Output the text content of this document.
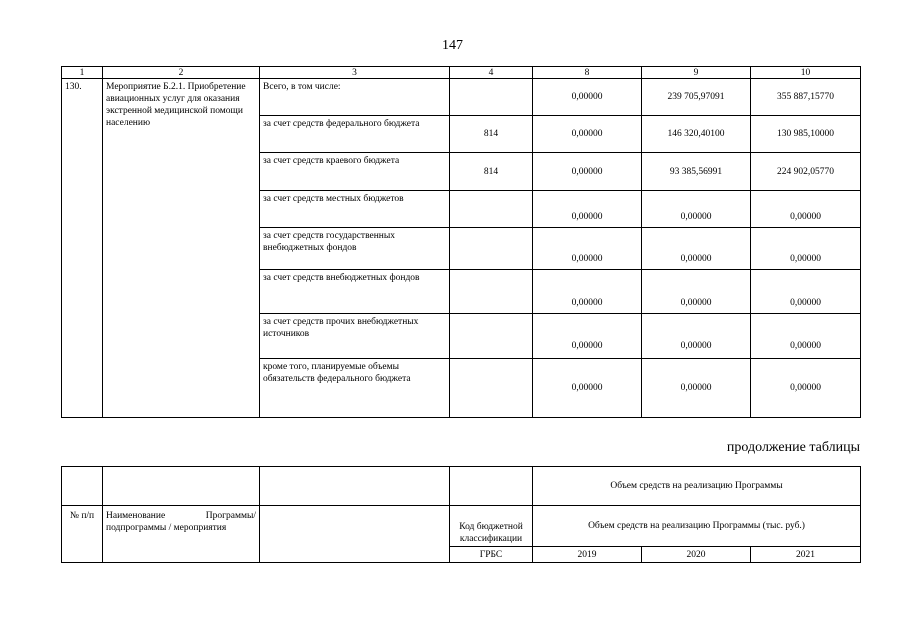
147
1	2	3	4	8	9	10
130.	Мероприятие Б.2.1. Приобретение авиационных услуг для оказания экстренной медицинской помощи населению	Всего, в том числе:		0,00000	239 705,97091	355 887,15770
		за счет средств федерального бюджета	814	0,00000	146 320,40100	130 985,10000
		за счет средств краевого бюджета	814	0,00000	93 385,56991	224 902,05770
		за счет средств местных бюджетов		0,00000	0,00000	0,00000
		за счет средств государственных внебюджетных фондов		0,00000	0,00000	0,00000
		за счет средств внебюджетных фондов		0,00000	0,00000	0,00000
		за счет средств прочих внебюджетных источников		0,00000	0,00000	0,00000
		кроме того, планируемые объемы обязательств федерального бюджета		0,00000	0,00000	0,00000
продолжение таблицы
				Объем средств на реализацию Программы		
№ п/п	Наименование Программы/ подпрограммы / мероприятия		Код бюджетной классификации	Объем средств на реализацию Программы (тыс. руб.)		
			ГРБС	2019	2020	2021
